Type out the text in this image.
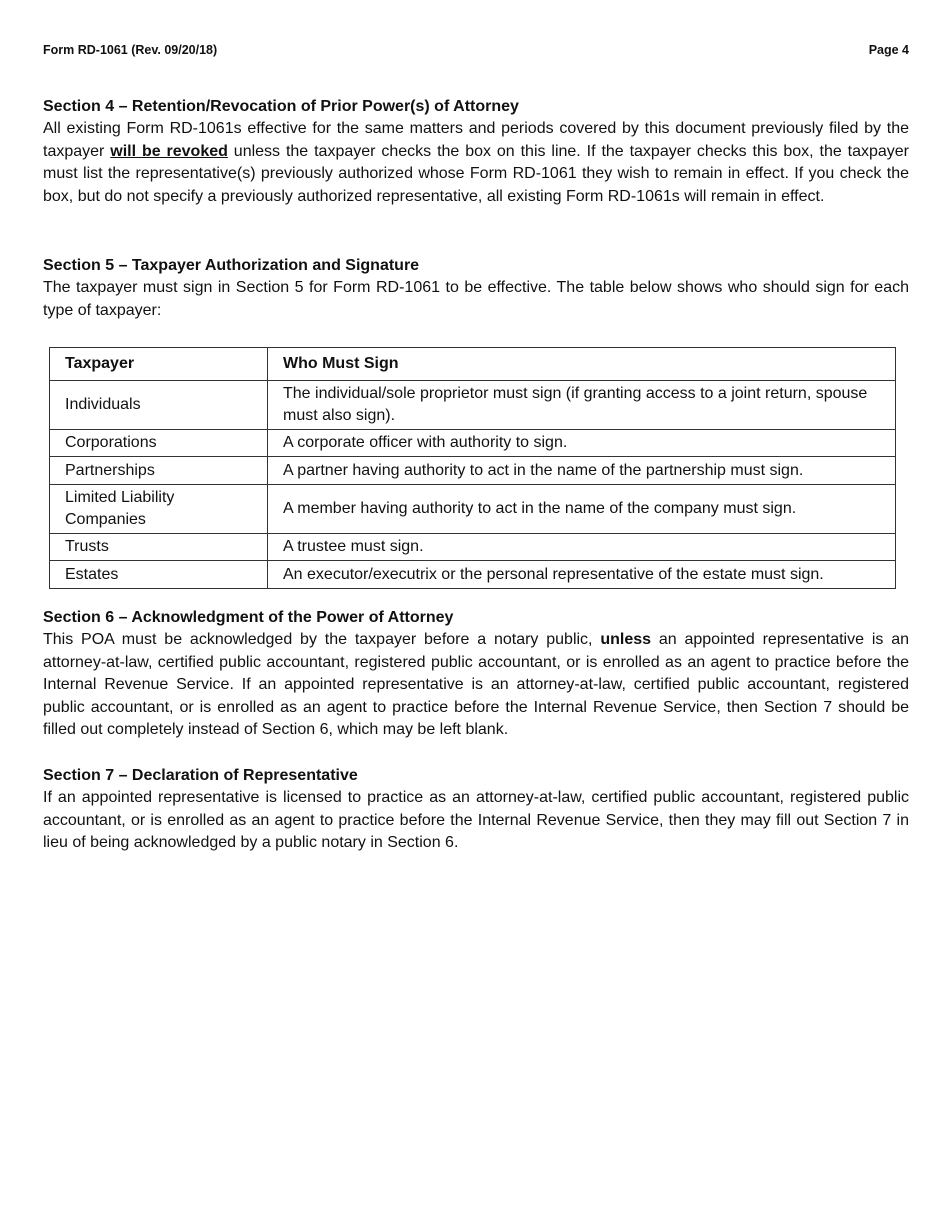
Form RD-1061 (Rev. 09/20/18)	Page 4

Section 4 – Retention/Revocation of Prior Power(s) of Attorney

All existing Form RD-1061s effective for the same matters and periods covered by this document previously filed by the taxpayer will be revoked unless the taxpayer checks the box on this line. If the taxpayer checks this box, the taxpayer must list the representative(s) previously authorized whose Form RD-1061 they wish to remain in effect. If you check the box, but do not specify a previously authorized representative, all existing Form RD-1061s will remain in effect.

Section 5 – Taxpayer Authorization and Signature

The taxpayer must sign in Section 5 for Form RD-1061 to be effective. The table below shows who should sign for each type of taxpayer:

Taxpayer	Who Must Sign
Individuals	The individual/sole proprietor must sign (if granting access to a joint return, spouse must also sign).
Corporations	A corporate officer with authority to sign.
Partnerships	A partner having authority to act in the name of the partnership must sign.
Limited Liability Companies	A member having authority to act in the name of the company must sign.
Trusts	A trustee must sign.
Estates	An executor/executrix or the personal representative of the estate must sign.

Section 6 – Acknowledgment of the Power of Attorney

This POA must be acknowledged by the taxpayer before a notary public, unless an appointed representative is an attorney-at-law, certified public accountant, registered public accountant, or is enrolled as an agent to practice before the Internal Revenue Service. If an appointed representative is an attorney-at-law, certified public accountant, registered public accountant, or is enrolled as an agent to practice before the Internal Revenue Service, then Section 7 should be filled out completely instead of Section 6, which may be left blank.

Section 7 – Declaration of Representative

If an appointed representative is licensed to practice as an attorney-at-law, certified public accountant, registered public accountant, or is enrolled as an agent to practice before the Internal Revenue Service, then they may fill out Section 7 in lieu of being acknowledged by a public notary in Section 6.
